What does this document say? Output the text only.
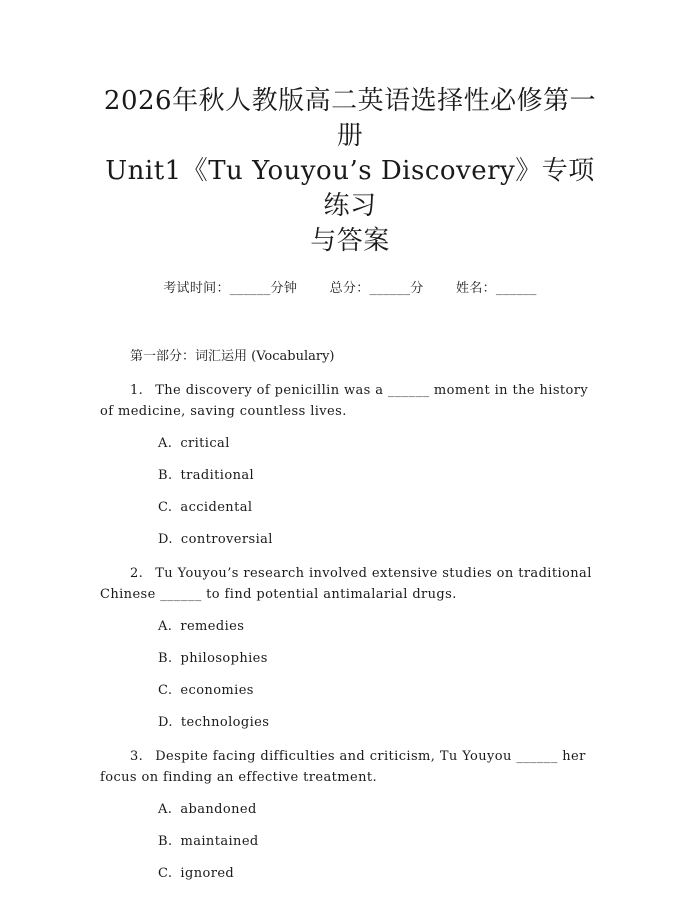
2026年秋人教版高二英语选择性必修第一册
Unit1《Tu Youyou’s Discovery》专项练习
与答案
考试时间：______分钟 总分：______分 姓名：______
第一部分：词汇运用 (Vocabulary)
1. The discovery of penicillin was a ______ moment in the history of medicine, saving countless lives.
A. critical
B. traditional
C. accidental
D. controversial
2. Tu Youyou’s research involved extensive studies on traditional Chinese ______ to find potential antimalarial drugs.
A. remedies
B. philosophies
C. economies
D. technologies
3. Despite facing difficulties and criticism, Tu Youyou ______ her focus on finding an effective treatment.
A. abandoned
B. maintained
C. ignored
